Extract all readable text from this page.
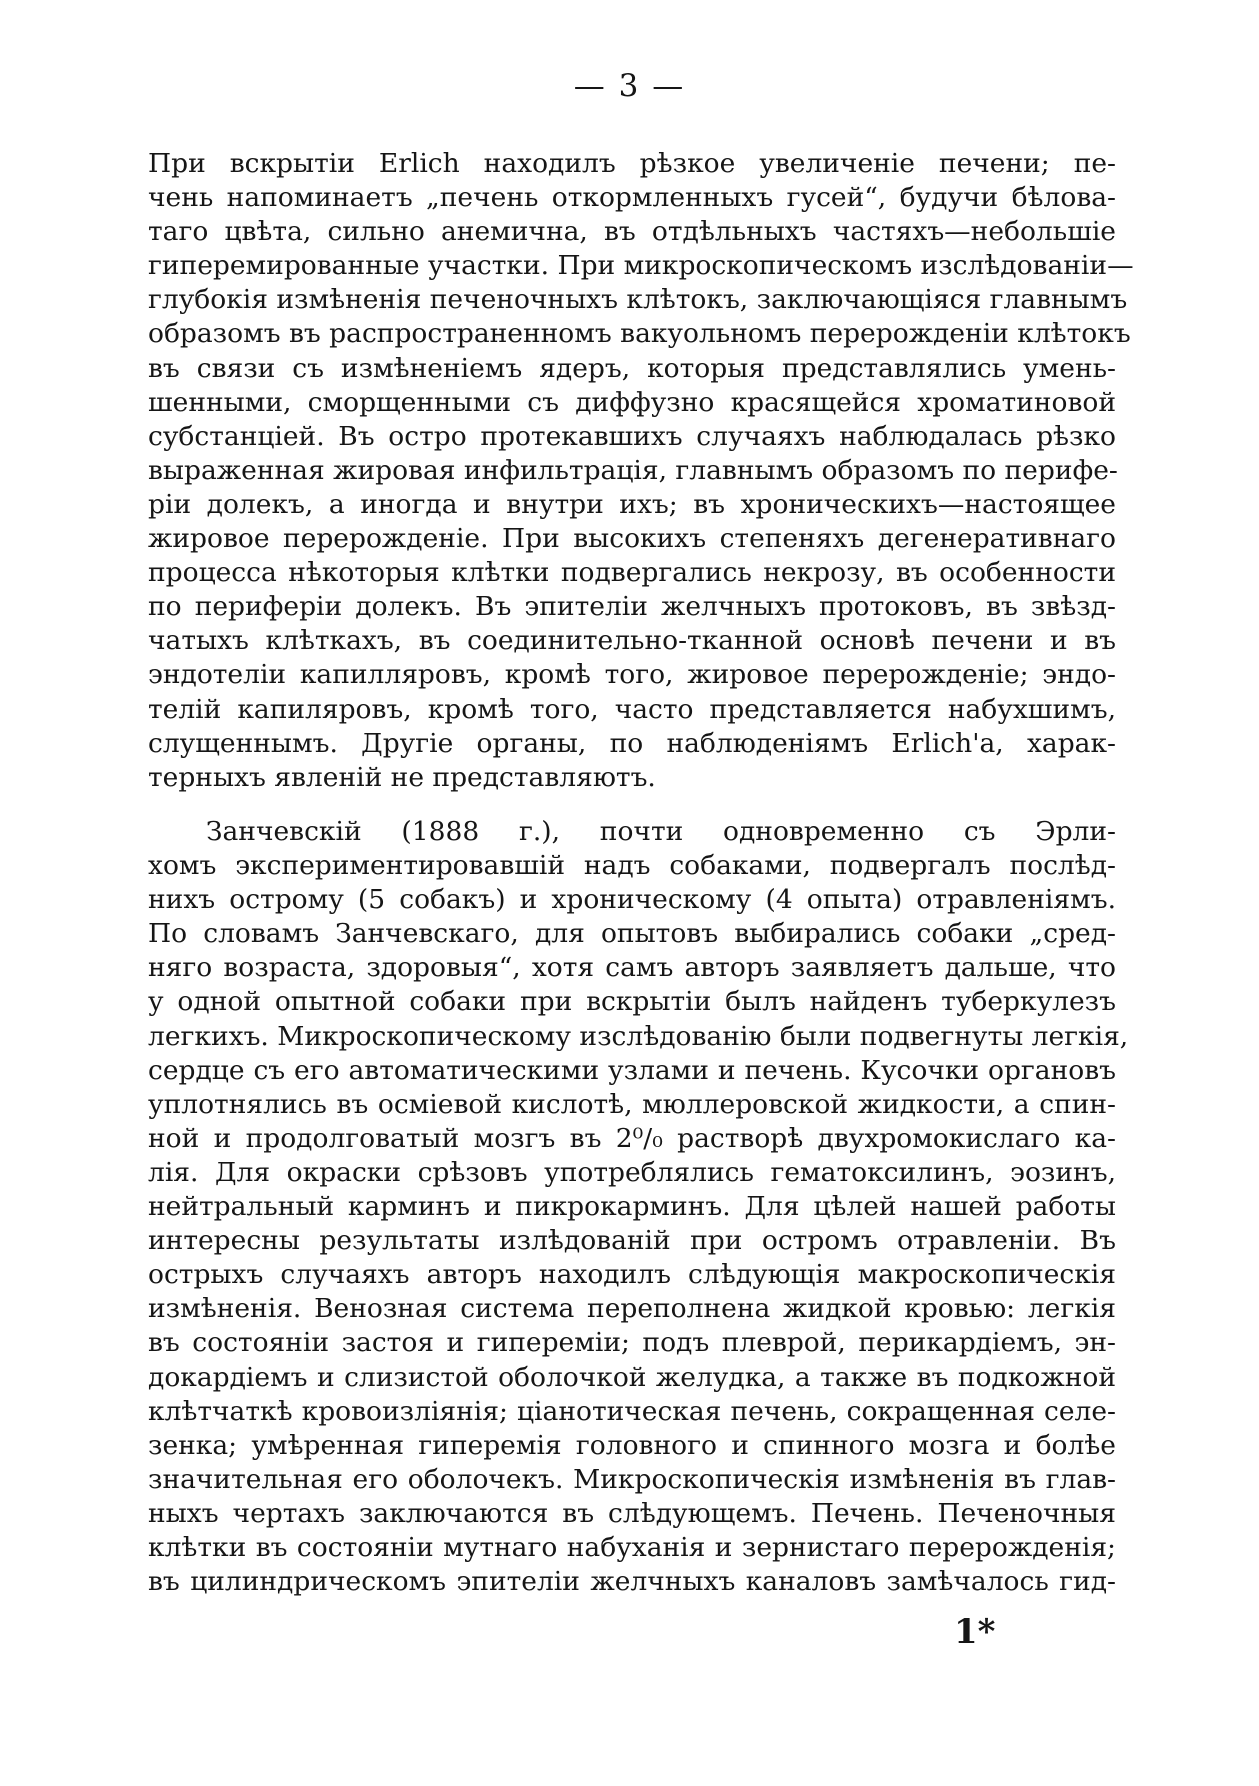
— 3 —
При вскрытіи Erlich находилъ рѣзкое увеличеніе печени; пе-
чень напоминаетъ „печень откормленныхъ гусей“, будучи бѣлова-
таго цвѣта, сильно анемична, въ отдѣльныхъ частяхъ—небольшіе
гиперемированные участки. При микроскопическомъ изслѣдованіи—
глубокія измѣненія печеночныхъ клѣтокъ, заключающіяся главнымъ
образомъ въ распространенномъ вакуольномъ перерожденіи клѣтокъ
въ связи съ измѣненіемъ ядеръ, которыя представлялись умень-
шенными, сморщенными съ диффузно красящейся хроматиновой
субстанціей. Въ остро протекавшихъ случаяхъ наблюдалась рѣзко
выраженная жировая инфильтрація, главнымъ образомъ по перифе-
ріи долекъ, а иногда и внутри ихъ; въ хроническихъ—настоящее
жировое перерожденіе. При высокихъ степеняхъ дегенеративнаго
процесса нѣкоторыя клѣтки подвергались некрозу, въ особенности
по периферіи долекъ. Въ эпителіи желчныхъ протоковъ, въ звѣзд-
чатыхъ клѣткахъ, въ соединительно-тканной основѣ печени и въ
эндотеліи капилляровъ, кромѣ того, жировое перерожденіе; эндо-
телій капиляровъ, кромѣ того, часто представляется набухшимъ,
слущеннымъ. Другіе органы, по наблюденіямъ Erlich'a, харак-
терныхъ явленій не представляютъ.
Занчевскій (1888 г.), почти одновременно съ Эрли-
хомъ экспериментировавшій надъ собаками, подвергалъ послѣд-
нихъ острому (5 собакъ) и хроническому (4 опыта) отравленіямъ.
По словамъ Занчевскаго, для опытовъ выбирались собаки „сред-
няго возраста, здоровыя“, хотя самъ авторъ заявляетъ дальше, что
у одной опытной собаки при вскрытіи былъ найденъ туберкулезъ
легкихъ. Микроскопическому изслѣдованію были подвегнуты легкія,
сердце съ его автоматическими узлами и печень. Кусочки органовъ
уплотнялись въ осміевой кислотѣ, мюллеровской жидкости, а спин-
ной и продолговатый мозгъ въ 2⁰/₀ растворѣ двухромокислаго ка-
лія. Для окраски срѣзовъ употреблялись гематоксилинъ, эозинъ,
нейтральный карминъ и пикрокарминъ. Для цѣлей нашей работы
интересны результаты излѣдованій при остромъ отравленіи. Въ
острыхъ случаяхъ авторъ находилъ слѣдующія макроскопическія
измѣненія. Венозная система переполнена жидкой кровью: легкія
въ состояніи застоя и гипереміи; подъ плеврой, перикардіемъ, эн-
докардіемъ и слизистой оболочкой желудка, а также въ подкожной
клѣтчаткѣ кровоизліянія; ціанотическая печень, сокращенная селе-
зенка; умѣренная гиперемія головного и спинного мозга и болѣе
значительная его оболочекъ. Микроскопическія измѣненія въ глав-
ныхъ чертахъ заключаются въ слѣдующемъ. Печень. Печеночныя
клѣтки въ состояніи мутнаго набуханія и зернистаго перерожденія;
въ цилиндрическомъ эпителіи желчныхъ каналовъ замѣчалось гид-
1*
